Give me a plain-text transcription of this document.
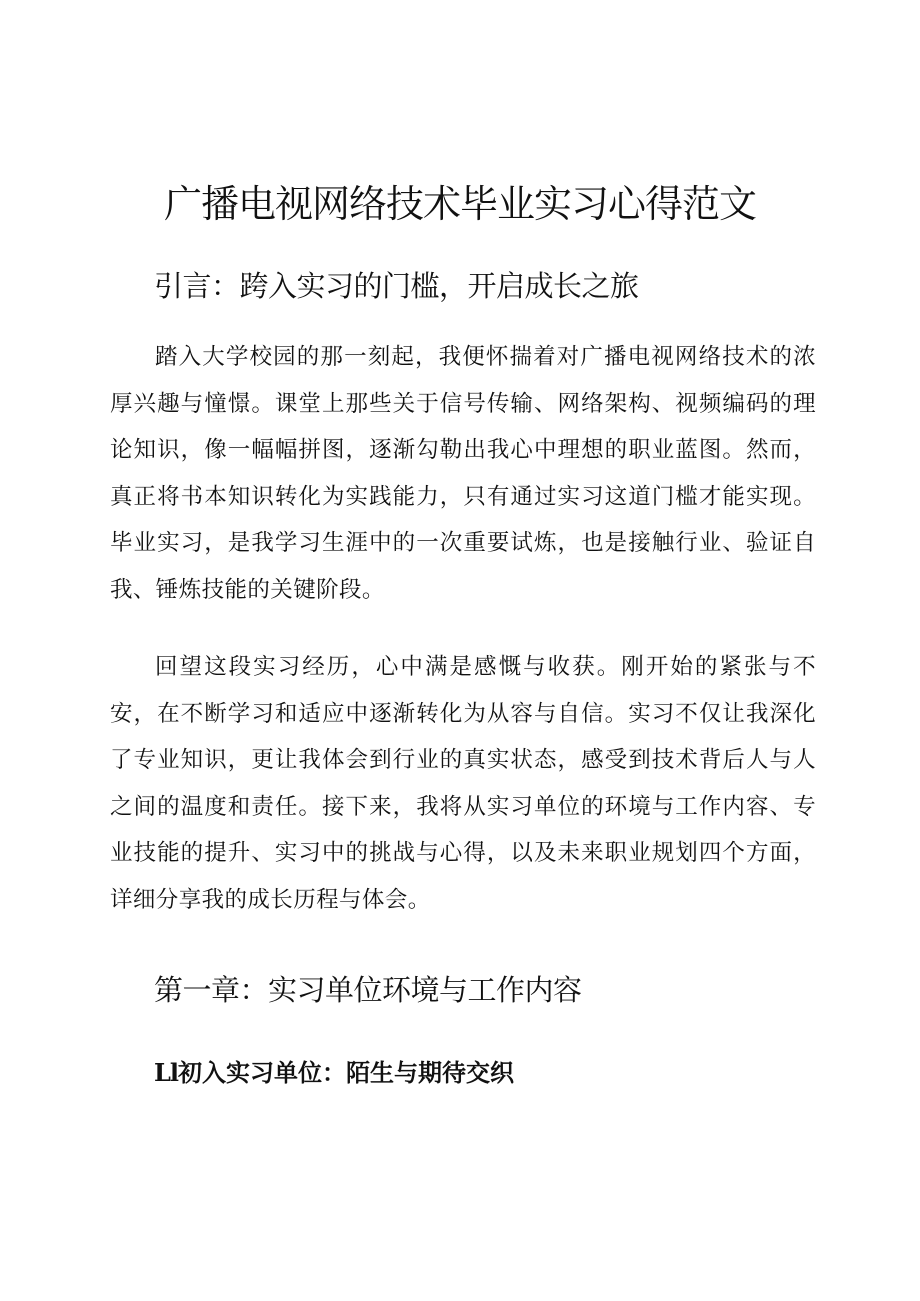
广播电视网络技术毕业实习心得范文
引言：跨入实习的门槛，开启成长之旅

踏入大学校园的那一刻起，我便怀揣着对广播电视网络技术的浓厚兴趣与憧憬。课堂上那些关于信号传输、网络架构、视频编码的理论知识，像一幅幅拼图，逐渐勾勒出我心中理想的职业蓝图。然而，真正将书本知识转化为实践能力，只有通过实习这道门槛才能实现。毕业实习，是我学习生涯中的一次重要试炼，也是接触行业、验证自我、锤炼技能的关键阶段。

回望这段实习经历，心中满是感慨与收获。刚开始的紧张与不安，在不断学习和适应中逐渐转化为从容与自信。实习不仅让我深化了专业知识，更让我体会到行业的真实状态，感受到技术背后人与人之间的温度和责任。接下来，我将从实习单位的环境与工作内容、专业技能的提升、实习中的挑战与心得，以及未来职业规划四个方面，详细分享我的成长历程与体会。

第一章：实习单位环境与工作内容
Ll初入实习单位：陌生与期待交织
